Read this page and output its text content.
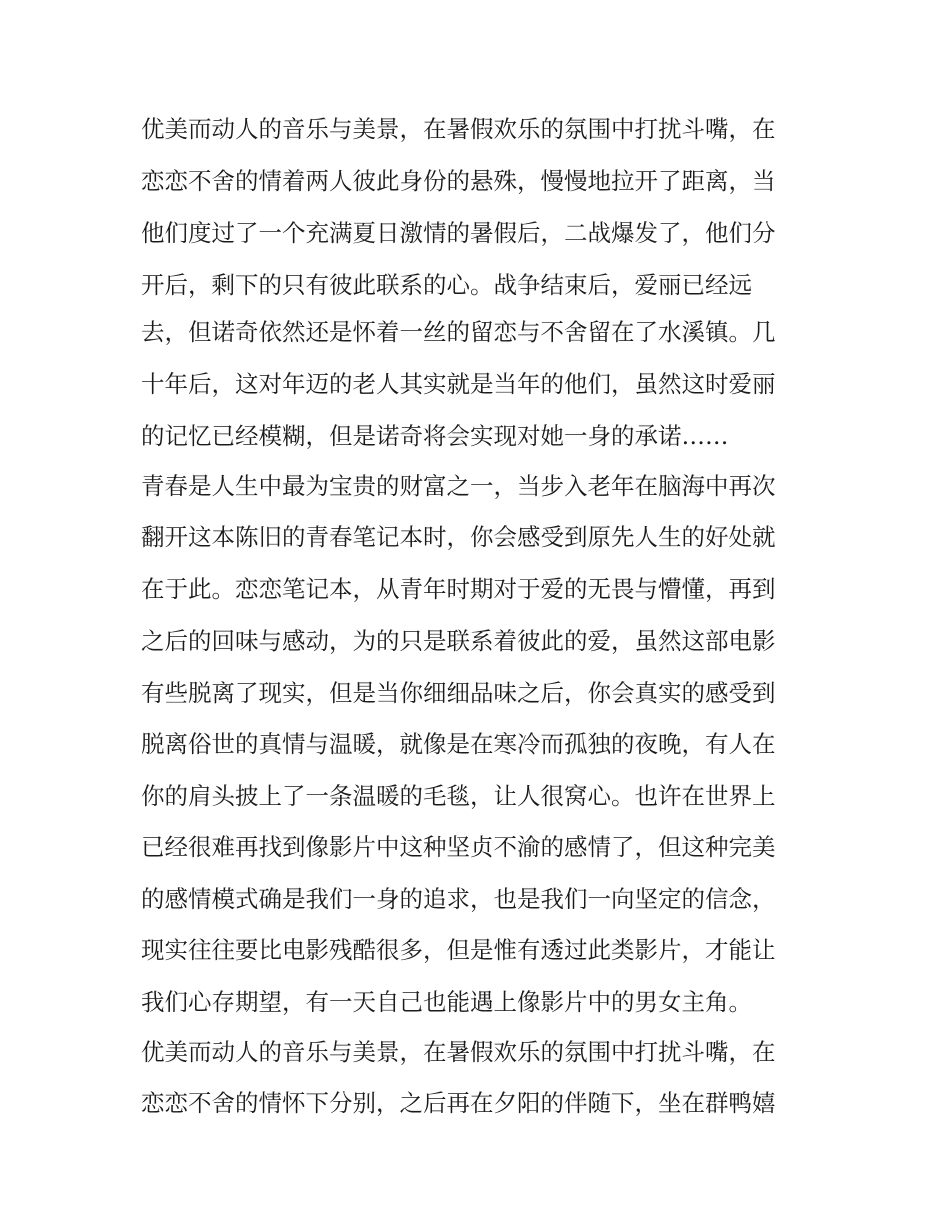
优美而动人的音乐与美景，在暑假欢乐的氛围中打扰斗嘴，在
恋恋不舍的情着两人彼此身份的悬殊，慢慢地拉开了距离，当
他们度过了一个充满夏日激情的暑假后，二战爆发了，他们分
开后，剩下的只有彼此联系的心。战争结束后，爱丽已经远
去，但诺奇依然还是怀着一丝的留恋与不舍留在了水溪镇。几
十年后，这对年迈的老人其实就是当年的他们，虽然这时爱丽
的记忆已经模糊，但是诺奇将会实现对她一身的承诺……
青春是人生中最为宝贵的财富之一，当步入老年在脑海中再次
翻开这本陈旧的青春笔记本时，你会感受到原先人生的好处就
在于此。恋恋笔记本，从青年时期对于爱的无畏与懵懂，再到
之后的回味与感动，为的只是联系着彼此的爱，虽然这部电影
有些脱离了现实，但是当你细细品味之后，你会真实的感受到
脱离俗世的真情与温暖，就像是在寒冷而孤独的夜晚，有人在
你的肩头披上了一条温暖的毛毯，让人很窝心。也许在世界上
已经很难再找到像影片中这种坚贞不渝的感情了，但这种完美
的感情模式确是我们一身的追求，也是我们一向坚定的信念，
现实往往要比电影残酷很多，但是惟有透过此类影片，才能让
我们心存期望，有一天自己也能遇上像影片中的男女主角。
优美而动人的音乐与美景，在暑假欢乐的氛围中打扰斗嘴，在
恋恋不舍的情怀下分别，之后再在夕阳的伴随下，坐在群鸭嬉
